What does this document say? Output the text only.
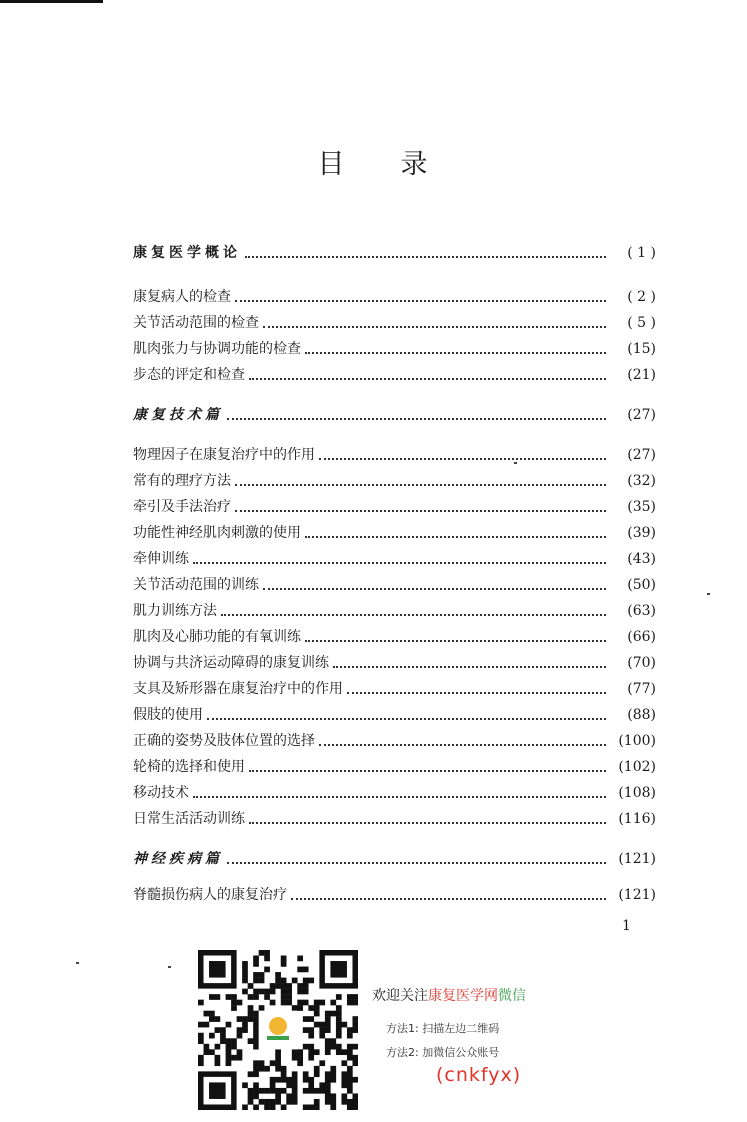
目 录
康复医学概论	( 1 )
康复病人的检查	( 2 )
关节活动范围的检查	( 5 )
肌肉张力与协调功能的检查	(15)
步态的评定和检查	(21)
康复技术篇	(27)
物理因子在康复治疗中的作用	(27)
常有的理疗方法	(32)
牵引及手法治疗	(35)
功能性神经肌肉刺激的使用	(39)
牵伸训练	(43)
关节活动范围的训练	(50)
肌力训练方法	(63)
肌肉及心肺功能的有氧训练	(66)
协调与共济运动障碍的康复训练	(70)
支具及矫形器在康复治疗中的作用	(77)
假肢的使用	(88)
正确的姿势及肢体位置的选择	(100)
轮椅的选择和使用	(102)
移动技术	(108)
日常生活活动训练	(116)
神经疾病篇	(121)
脊髓损伤病人的康复治疗	(121)
1
欢迎关注康复医学网微信
方法1: 扫描左边二维码
方法2: 加微信公众账号
(cnkfyx)
